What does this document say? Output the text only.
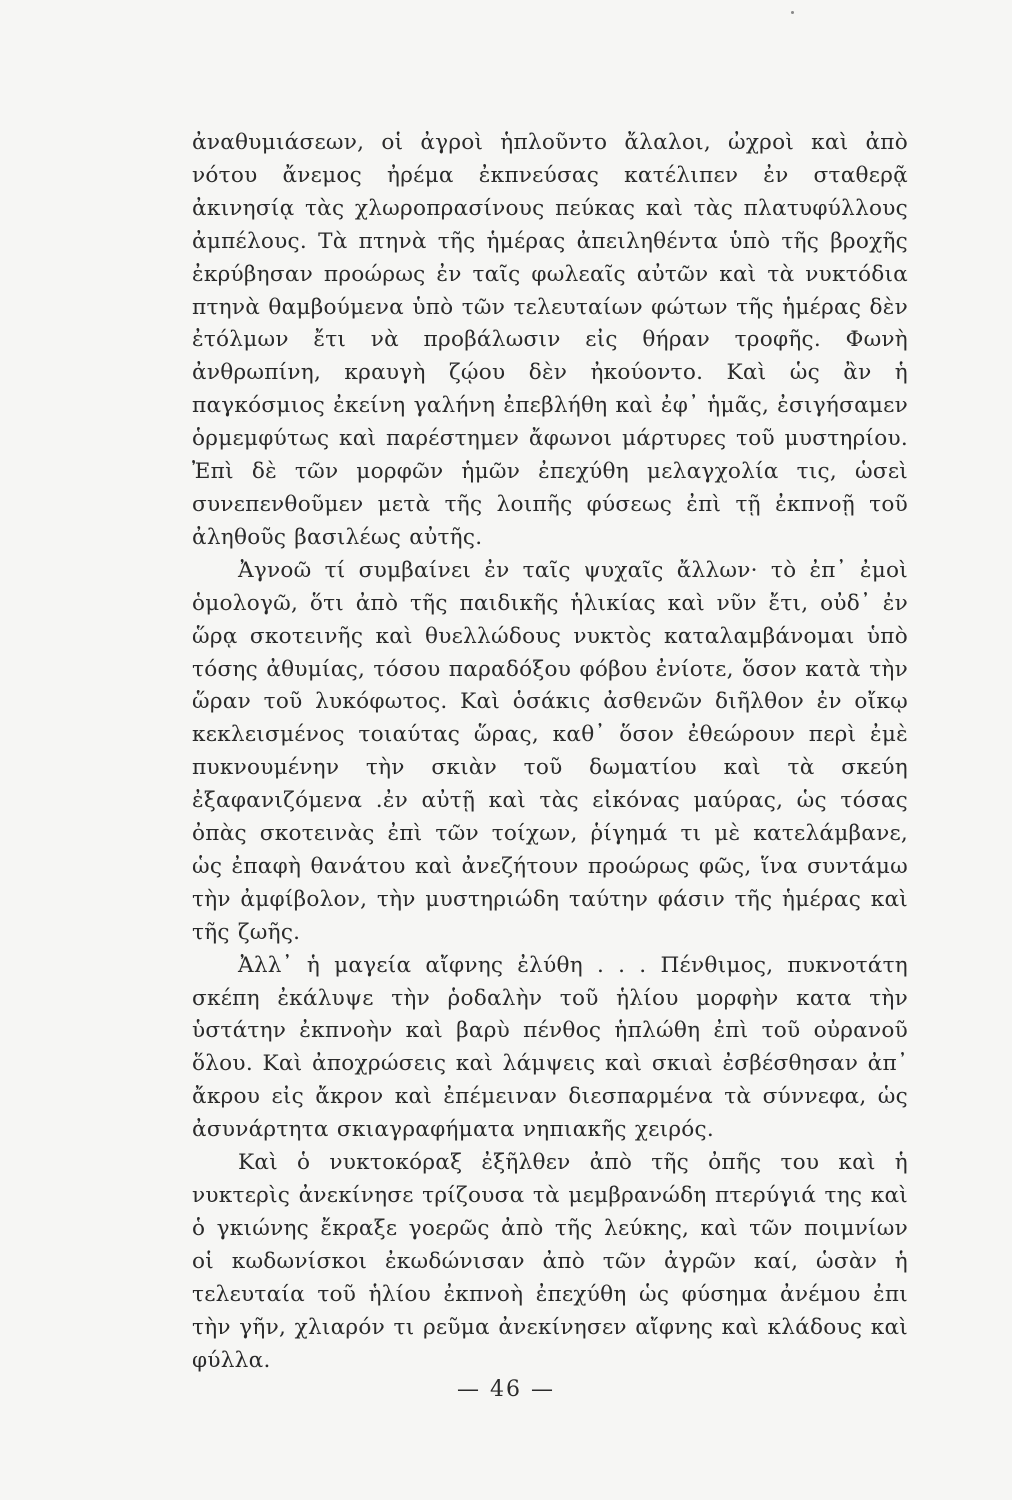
ἀναθυμιάσεων, οἱ ἀγροὶ ἡπλοῦντο ἄλαλοι, ὠχροὶ καὶ ἀπὸ νότου ἄνεμος ἠρέμα ἐκπνεύσας κατέλιπεν ἐν σταθερᾷ ἀκινησίᾳ τὰς χλωροπρασίνους πεύκας καὶ τὰς πλατυφύλλους ἀμπέλους. Τὰ πτηνὰ τῆς ἡμέρας ἀπειληθέντα ὑπὸ τῆς βροχῆς ἐκρύβησαν προώρως ἐν ταῖς φωλεαῖς αὐτῶν καὶ τὰ νυκτόδια πτηνὰ θαμβούμενα ὑπὸ τῶν τελευταίων φώτων τῆς ἡμέρας δὲν ἐτόλμων ἔτι νὰ προβάλωσιν εἰς θήραν τροφῆς. Φωνὴ ἀνθρωπίνη, κραυγὴ ζῴου δὲν ἠκούοντο. Καὶ ὡς ἂν ἡ παγκόσμιος ἐκείνη γαλήνη ἐπεβλήθη καὶ ἐφ᾽ ἡμᾶς, ἐσιγήσαμεν ὁρμεμφύτως καὶ παρέστημεν ἄφωνοι μάρτυρες τοῦ μυστηρίου. Ἐπὶ δὲ τῶν μορφῶν ἡμῶν ἐπεχύθη μελαγχολία τις, ὡσεὶ συνεπενθοῦμεν μετὰ τῆς λοιπῆς φύσεως ἐπὶ τῇ ἐκπνοῇ τοῦ ἀληθοῦς βασιλέως αὐτῆς.

Ἀγνοῶ τί συμβαίνει ἐν ταῖς ψυχαῖς ἄλλων· τὸ ἐπ᾽ ἐμοὶ ὁμολογῶ, ὅτι ἀπὸ τῆς παιδικῆς ἡλικίας καὶ νῦν ἔτι, οὐδ᾽ ἐν ὥρᾳ σκοτεινῆς καὶ θυελλώδους νυκτὸς καταλαμβάνομαι ὑπὸ τόσης ἀθυμίας, τόσου παραδόξου φόβου ἐνίοτε, ὅσον κατὰ τὴν ὥραν τοῦ λυκόφωτος. Καὶ ὁσάκις ἀσθενῶν διῆλθον ἐν οἴκῳ κεκλεισμένος τοιαύτας ὥρας, καθ᾽ ὅσον ἐθεώρουν περὶ ἐμὲ πυκνουμένην τὴν σκιὰν τοῦ δωματίου καὶ τὰ σκεύη ἐξαφανιζόμενα .ἐν αὐτῇ καὶ τὰς εἰκόνας μαύρας, ὡς τόσας ὀπὰς σκοτεινὰς ἐπὶ τῶν τοίχων, ῥίγημά τι μὲ κατελάμβανε, ὡς ἐπαφὴ θανάτου καὶ ἀνεζήτουν προώρως φῶς, ἵνα συντάμω τὴν ἀμφίβολον, τὴν μυστηριώδη ταύτην φάσιν τῆς ἡμέρας καὶ τῆς ζωῆς.

Ἀλλ᾽ ἡ μαγεία αἴφνης ἐλύθη . . . Πένθιμος, πυκνοτάτη σκέπη ἐκάλυψε τὴν ῥοδαλὴν τοῦ ἡλίου μορφὴν κατα τὴν ὑστάτην ἐκπνοὴν καὶ βαρὺ πένθος ἡπλώθη ἐπὶ τοῦ οὐρανοῦ ὅλου. Καὶ ἀποχρώσεις καὶ λάμψεις καὶ σκιαὶ ἐσβέσθησαν ἀπ᾽ ἄκρου εἰς ἄκρον καὶ ἐπέμειναν διεσπαρμένα τὰ σύννεφα, ὡς ἀσυνάρτητα σκιαγραφήματα νηπιακῆς χειρός.

Καὶ ὁ νυκτοκόραξ ἐξῆλθεν ἀπὸ τῆς ὀπῆς του καὶ ἡ νυκτερὶς ἀνεκίνησε τρίζουσα τὰ μεμβρανώδη πτερύγιά της καὶ ὁ γκιώνης ἔκραξε γοερῶς ἀπὸ τῆς λεύκης, καὶ τῶν ποιμνίων οἱ κωδωνίσκοι ἐκωδώνισαν ἀπὸ τῶν ἀγρῶν καί, ὡσὰν ἡ τελευταία τοῦ ἡλίου ἐκπνοὴ ἐπεχύθη ὡς φύσημα ἀνέμου ἐπι τὴν γῆν, χλιαρόν τι ρεῦμα ἀνεκίνησεν αἴφνης καὶ κλάδους καὶ φύλλα.

— 46 —
